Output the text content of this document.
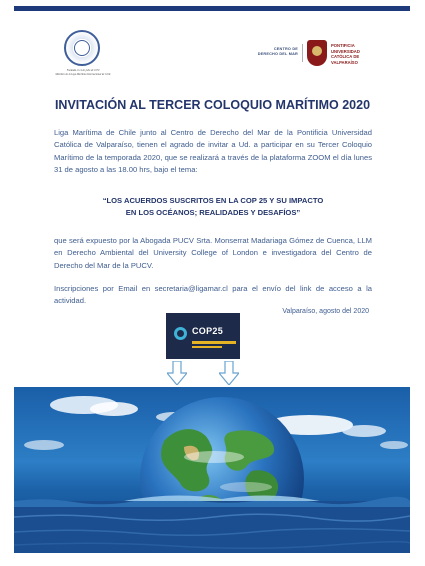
Fundada el 14 de julio de 1970
Miembro de la Liga Marítima Internacional de Chile
CENTRO DE
DERECHO DEL MAR
PONTIFICIA
UNIVERSIDAD
CATÓLICA DE
VALPARAÍSO
INVITACIÓN AL TERCER COLOQUIO MARÍTIMO 2020

Liga Marítima de Chile junto al Centro de Derecho del Mar de la Pontificia Universidad Católica de Valparaíso, tienen el agrado de invitar a Ud. a participar en su Tercer Coloquio Marítimo de la temporada 2020, que se realizará a través de la plataforma ZOOM el día lunes 31 de agosto a las 18.00 hrs, bajo el tema:

“LOS ACUERDOS SUSCRITOS EN LA COP 25 Y SU IMPACTO
EN LOS OCÉANOS; REALIDADES Y DESAFÍOS”

que será expuesto por la Abogada PUCV Srta. Monserrat Madariaga Gómez de Cuenca, LLM en Derecho Ambiental del University College of London e investigadora del Centro de Derecho del Mar de la PUCV.

Inscripciones por Email en secretaria@ligamar.cl para el envío del link de acceso a la actividad.

Valparaíso, agosto del 2020
COP25
